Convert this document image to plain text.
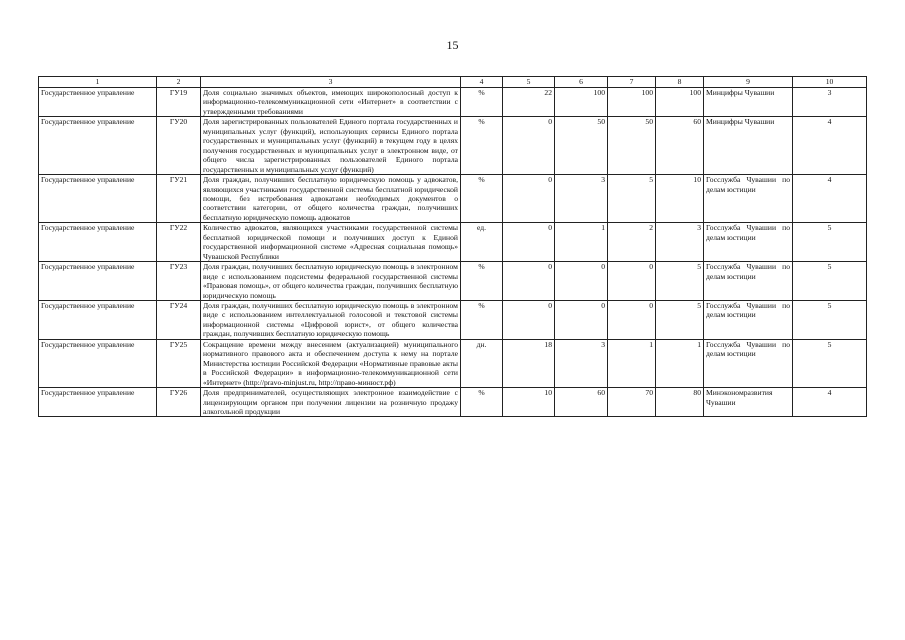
15
1	2	3	4	5	6	7	8	9	10
Государственное управление	ГУ19	Доля социально значимых объектов, имеющих широкополосный доступ к информационно-телекоммуникационной сети «Интернет» в соответствии с утвержденными требованиями	%	22	100	100	100	Минцифры Чувашии	3
Государственное управление	ГУ20	Доля зарегистрированных пользователей Единого портала государственных и муниципальных услуг (функций), использующих сервисы Единого портала государственных и муниципальных услуг (функций) в текущем году в целях получения государственных и муниципальных услуг в электронном виде, от общего числа зарегистрированных пользователей Единого портала государственных и муниципальных услуг (функций)	%	0	50	50	60	Минцифры Чувашии	4
Государственное управление	ГУ21	Доля граждан, получивших бесплатную юридическую помощь у адвокатов, являющихся участниками государственной системы бесплатной юридической помощи, без истребования адвокатами необходимых документов о соответствии категории, от общего количества граждан, получивших бесплатную юридическую помощь адвокатов	%	0	3	5	10	Госслужба Чувашии по делам юстиции	4
Государственное управление	ГУ22	Количество адвокатов, являющихся участниками государственной системы бесплатной юридической помощи и получивших доступ к Единой государственной информационной системе «Адресная социальная помощь» Чувашской Республики	ед.	0	1	2	3	Госслужба Чувашии по делам юстиции	5
Государственное управление	ГУ23	Доля граждан, получивших бесплатную юридическую помощь в электронном виде с использованием подсистемы федеральной государственной системы «Правовая помощь», от общего количества граждан, получивших бесплатную юридическую помощь	%	0	0	0	5	Госслужба Чувашии по делам юстиции	5
Государственное управление	ГУ24	Доля граждан, получивших бесплатную юридическую помощь в электронном виде с использованием интеллектуальной голосовой и текстовой системы информационной системы «Цифровой юрист», от общего количества граждан, получивших бесплатную юридическую помощь	%	0	0	0	5	Госслужба Чувашии по делам юстиции	5
Государственное управление	ГУ25	Сокращение времени между внесением (актуализацией) муниципального нормативного правового акта и обеспечением доступа к нему на портале Министерства юстиции Российской Федерации «Нормативные правовые акты в Российской Федерации» в информационно-телекоммуникационной сети «Интернет» (http://pravo-minjust.ru, http://право-минюст.рф)	дн.	18	3	1	1	Госслужба Чувашии по делам юстиции	5
Государственное управление	ГУ26	Доля предпринимателей, осуществляющих электронное взаимодействие с лицензирующим органом при получении лицензии на розничную продажу алкогольной продукции	%	10	60	70	80	Минэкономразвития Чувашии	4
